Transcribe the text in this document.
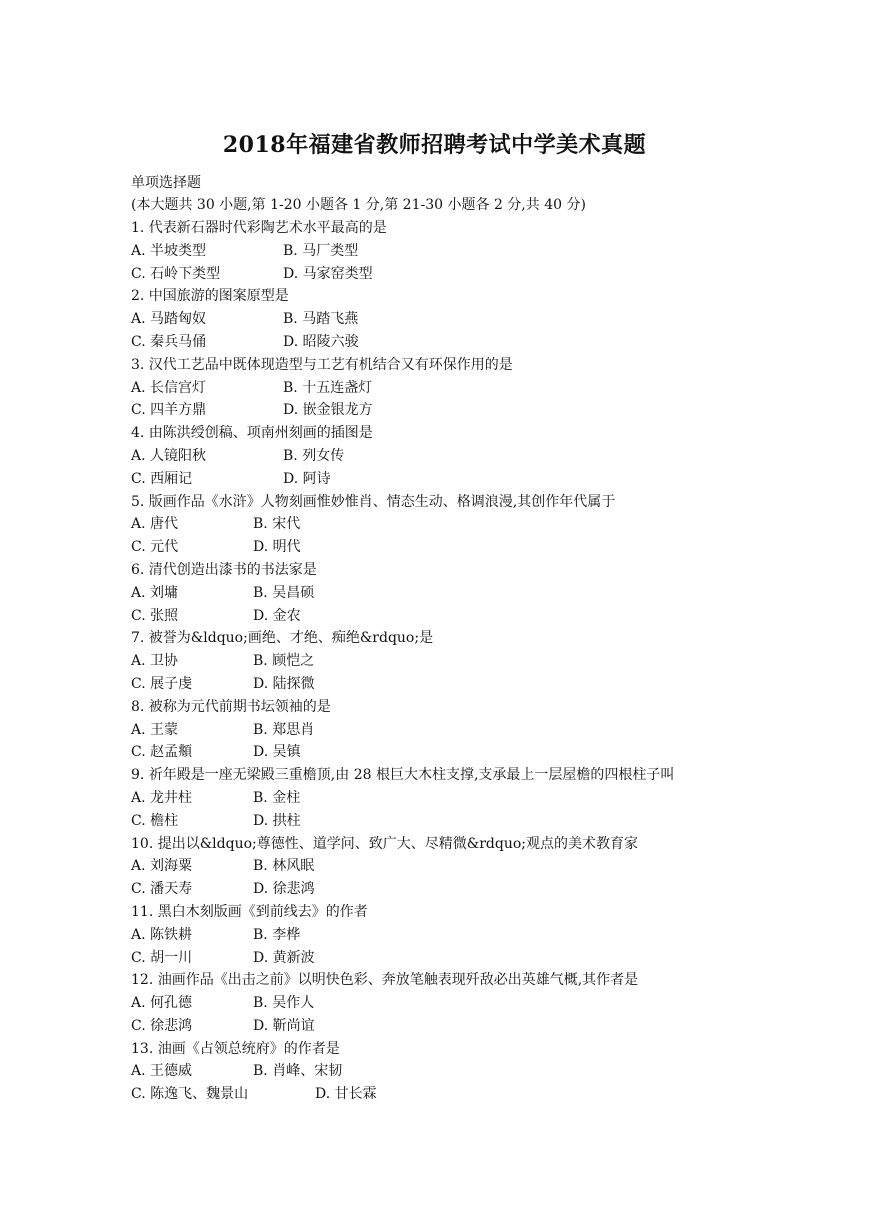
2018年福建省教师招聘考试中学美术真题
单项选择题
(本大题共 30 小题,第 1-20 小题各 1 分,第 21-30 小题各 2 分,共 40 分)
1. 代表新石器时代彩陶艺术水平最高的是
A. 半坡类型	B. 马厂类型
C. 石岭下类型	D. 马家窑类型
2. 中国旅游的图案原型是
A. 马踏匈奴	B. 马踏飞燕
C. 秦兵马俑	D. 昭陵六骏
3. 汉代工艺品中既体现造型与工艺有机结合又有环保作用的是
A. 长信宫灯	B. 十五连盏灯
C. 四羊方鼎	D. 嵌金银龙方
4. 由陈洪绶创稿、项南州刻画的插图是
A. 人镜阳秋	B. 列女传
C. 西厢记	D. 阿诗
5. 版画作品《水浒》人物刻画惟妙惟肖、情态生动、格调浪漫,其创作年代属于
A. 唐代	B. 宋代
C. 元代	D. 明代
6. 清代创造出漆书的书法家是
A. 刘墉	B. 吴昌硕
C. 张照	D. 金农
7. 被誉为&ldquo;画绝、才绝、痴绝&rdquo;是
A. 卫协	B. 顾恺之
C. 展子虔	D. 陆探微
8. 被称为元代前期书坛领袖的是
A. 王蒙	B. 郑思肖
C. 赵孟頫	D. 吴镇
9. 祈年殿是一座无梁殿三重檐顶,由 28 根巨大木柱支撑,支承最上一层屋檐的四根柱子叫
A. 龙井柱	B. 金柱
C. 檐柱	D. 拱柱
10. 提出以&ldquo;尊德性、道学问、致广大、尽精微&rdquo;观点的美术教育家
A. 刘海粟	B. 林风眠
C. 潘天寿	D. 徐悲鸿
11. 黑白木刻版画《到前线去》的作者
A. 陈铁耕	B. 李桦
C. 胡一川	D. 黄新波
12. 油画作品《出击之前》以明快色彩、奔放笔触表现歼敌必出英雄气概,其作者是
A. 何孔德	B. 吴作人
C. 徐悲鸿	D. 靳尚谊
13. 油画《占领总统府》的作者是
A. 王德威	B. 肖峰、宋韧
C. 陈逸飞、魏景山	D. 甘长霖
